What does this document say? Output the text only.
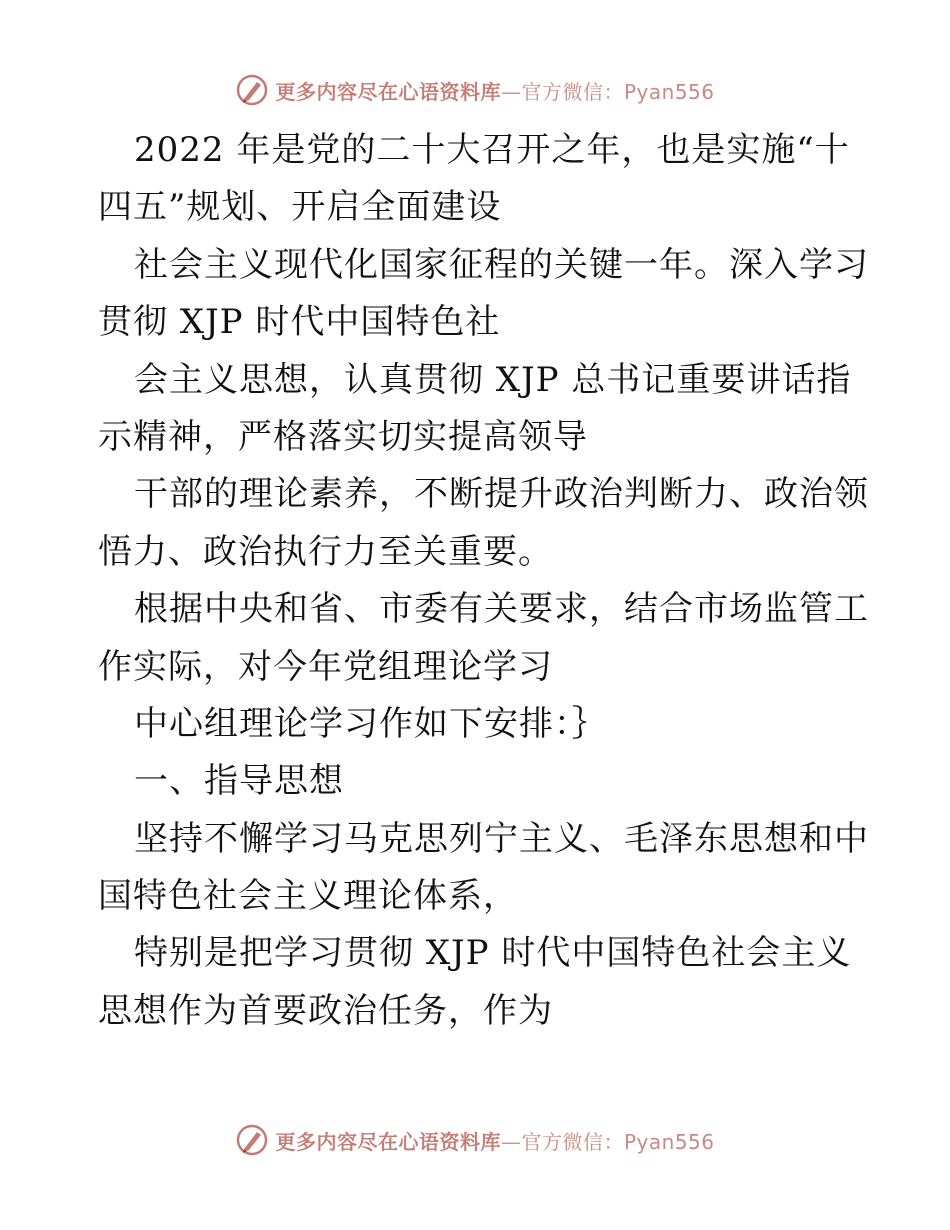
更多内容尽在心语资料库—官方微信：Pyan556
2022 年是党的二十大召开之年，也是实施“十
四五”规划、开启全面建设
社会主义现代化国家征程的关键一年。深入学习
贯彻 XJP 时代中国特色社
会主义思想，认真贯彻 XJP 总书记重要讲话指
示精神，严格落实切实提高领导
干部的理论素养，不断提升政治判断力、政治领
悟力、政治执行力至关重要。
根据中央和省、市委有关要求，结合市场监管工
作实际，对今年党组理论学习
中心组理论学习作如下安排：｝
一、指导思想
坚持不懈学习马克思列宁主义、毛泽东思想和中
国特色社会主义理论体系，
特别是把学习贯彻 XJP 时代中国特色社会主义
思想作为首要政治任务，作为
更多内容尽在心语资料库—官方微信：Pyan556
